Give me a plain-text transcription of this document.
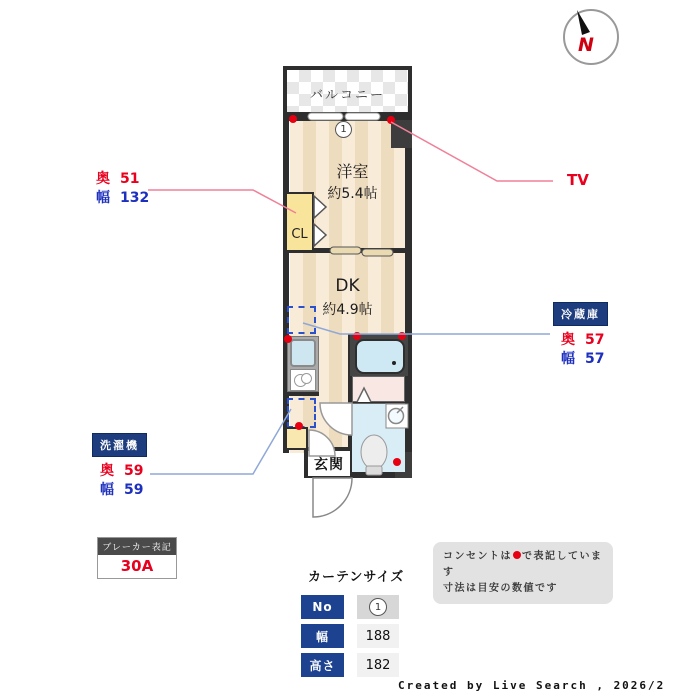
バルコニー
1
洋室
約5.4帖
DK
約4.9帖
CL
玄関
N
奥 51
幅 132
TV
冷蔵庫
奥 57
幅 57
洗濯機
奥 59
幅 59
ブレーカー表記
30A
カーテンサイズ
No	1
幅	188
高さ	182
コンセントは で表記しています
寸法は目安の数値です
Created by Live Search , 2026/2
